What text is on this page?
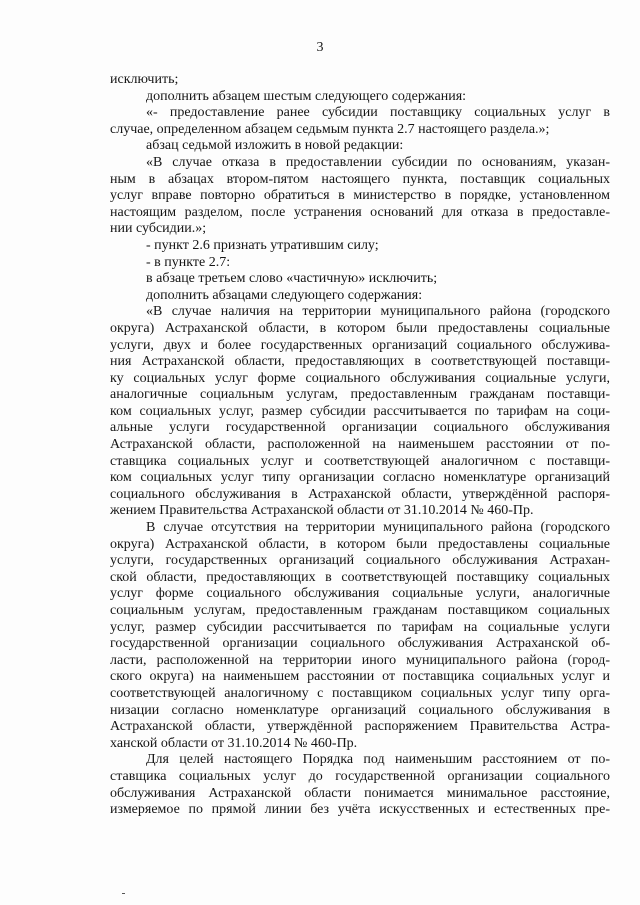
3
исключить;
дополнить абзацем шестым следующего содержания:
«- предоставление ранее субсидии поставщику социальных услуг в
случае, определенном абзацем седьмым пункта 2.7 настоящего раздела.»;
абзац седьмой изложить в новой редакции:
«В случае отказа в предоставлении субсидии по основаниям, указан-
ным в абзацах втором-пятом настоящего пункта, поставщик социальных
услуг вправе повторно обратиться в министерство в порядке, установленном
настоящим разделом, после устранения оснований для отказа в предоставле-
нии субсидии.»;
- пункт 2.6 признать утратившим силу;
- в пункте 2.7:
в абзаце третьем слово «частичную» исключить;
дополнить абзацами следующего содержания:
«В случае наличия на территории муниципального района (городского
округа) Астраханской области, в котором были предоставлены социальные
услуги, двух и более государственных организаций социального обслужива-
ния Астраханской области, предоставляющих в соответствующей поставщи-
ку социальных услуг форме социального обслуживания социальные услуги,
аналогичные социальным услугам, предоставленным гражданам поставщи-
ком социальных услуг, размер субсидии рассчитывается по тарифам на соци-
альные услуги государственной организации социального обслуживания
Астраханской области, расположенной на наименьшем расстоянии от по-
ставщика социальных услуг и соответствующей аналогичном с поставщи-
ком социальных услуг типу организации согласно номенклатуре организаций
социального обслуживания в Астраханской области, утверждённой распоря-
жением Правительства Астраханской области от 31.10.2014 № 460-Пр.
В случае отсутствия на территории муниципального района (городского
округа) Астраханской области, в котором были предоставлены социальные
услуги, государственных организаций социального обслуживания Астрахан-
ской области, предоставляющих в соответствующей поставщику социальных
услуг форме социального обслуживания социальные услуги, аналогичные
социальным услугам, предоставленным гражданам поставщиком социальных
услуг, размер субсидии рассчитывается по тарифам на социальные услуги
государственной организации социального обслуживания Астраханской об-
ласти, расположенной на территории иного муниципального района (город-
ского округа) на наименьшем расстоянии от поставщика социальных услуг и
соответствующей аналогичному с поставщиком социальных услуг типу орга-
низации согласно номенклатуре организаций социального обслуживания в
Астраханской области, утверждённой распоряжением Правительства Астра-
ханской области от 31.10.2014 № 460-Пр.
Для целей настоящего Порядка под наименьшим расстоянием от по-
ставщика социальных услуг до государственной организации социального
обслуживания Астраханской области понимается минимальное расстояние,
измеряемое по прямой линии без учёта искусственных и естественных пре-
